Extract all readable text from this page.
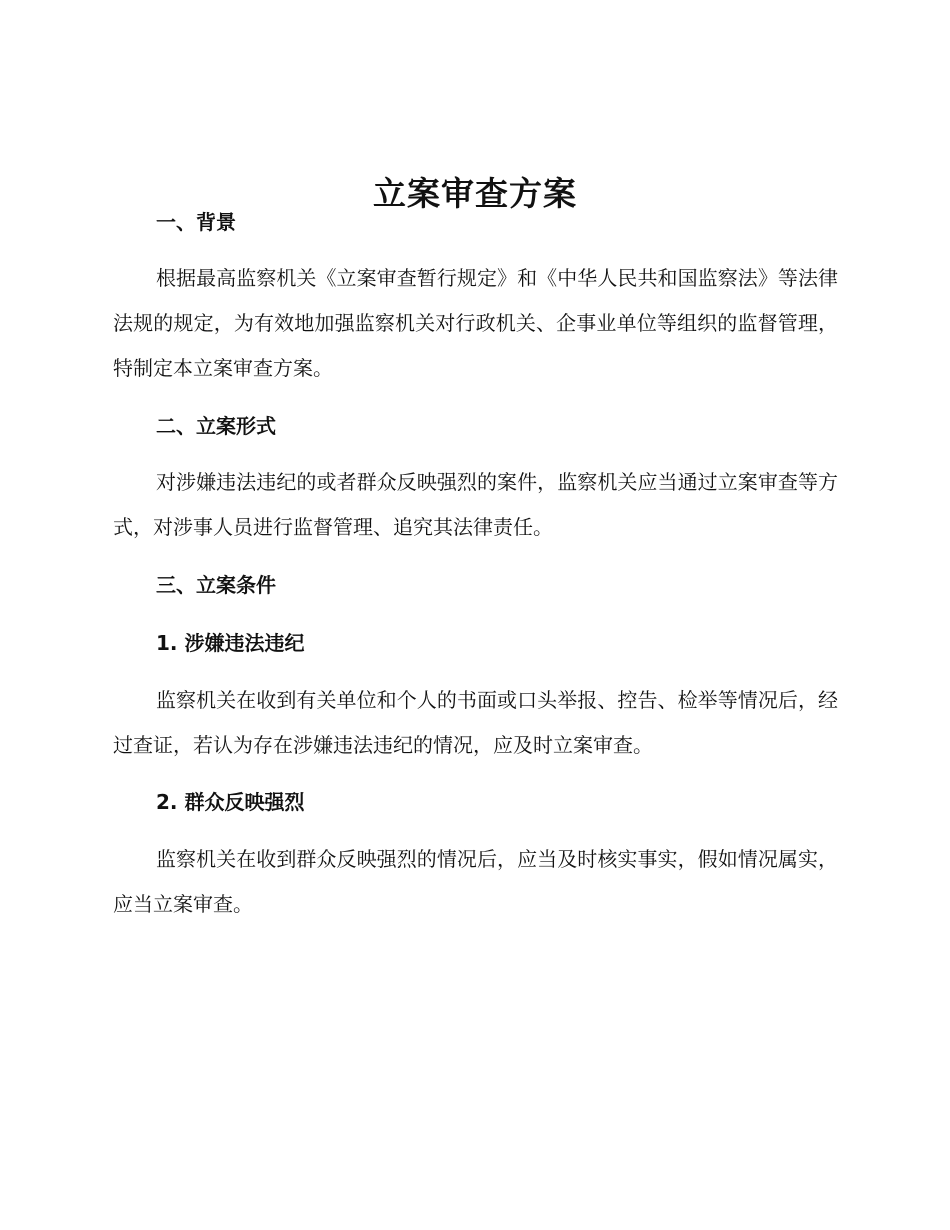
立案审查方案
一、背景

根据最高监察机关《立案审查暂行规定》和《中华人民共和国监察法》等法律法规的规定，为有效地加强监察机关对行政机关、企事业单位等组织的监督管理，特制定本立案审查方案。

二、立案形式

对涉嫌违法违纪的或者群众反映强烈的案件，监察机关应当通过立案审查等方式，对涉事人员进行监督管理、追究其法律责任。

三、立案条件
1. 涉嫌违法违纪

监察机关在收到有关单位和个人的书面或口头举报、控告、检举等情况后，经过查证，若认为存在涉嫌违法违纪的情况，应及时立案审查。

2. 群众反映强烈

监察机关在收到群众反映强烈的情况后，应当及时核实事实，假如情况属实，应当立案审查。
